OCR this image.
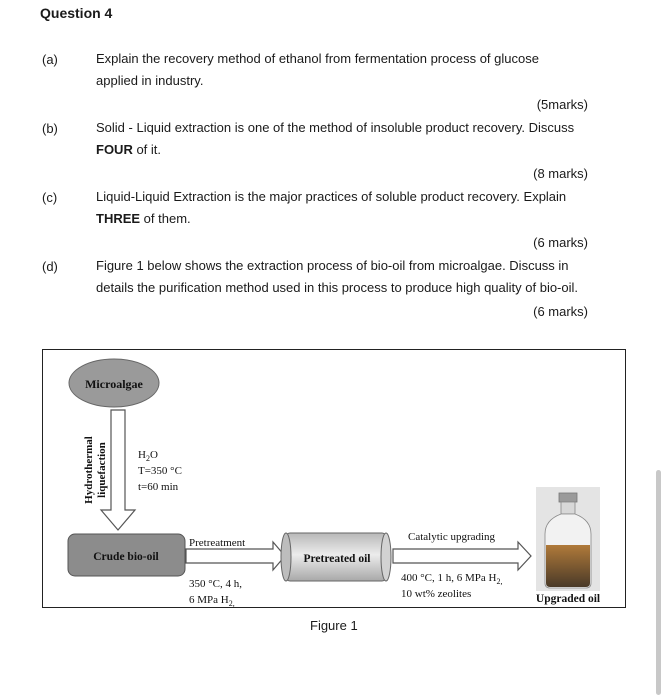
Question 4
(a)	Explain the recovery method of ethanol from fermentation process of glucose
applied in industry.
(5marks)
(b)	Solid - Liquid extraction is one of the method of insoluble product recovery. Discuss
FOUR of it.
(8 marks)
(c)	Liquid-Liquid Extraction is the major practices of soluble product recovery. Explain
THREE of them.
(6 marks)
(d)	Figure 1 below shows the extraction process of bio-oil from microalgae. Discuss in
details the purification method used in this process to produce high quality of bio-oil.
(6 marks)
Microalgae
Hydrothermal liquefaction	$H_2O$
T=350 °C
t=60 min
Crude bio-oil
Pretreatment
350 °C, 4 h,
6 MPa $H_{2,}$
Pretreated oil
Catalytic upgrading
400 °C, 1 h, 6 MPa $H_{2,}$
10 wt% zeolites	Upgraded oil
Figure 1
